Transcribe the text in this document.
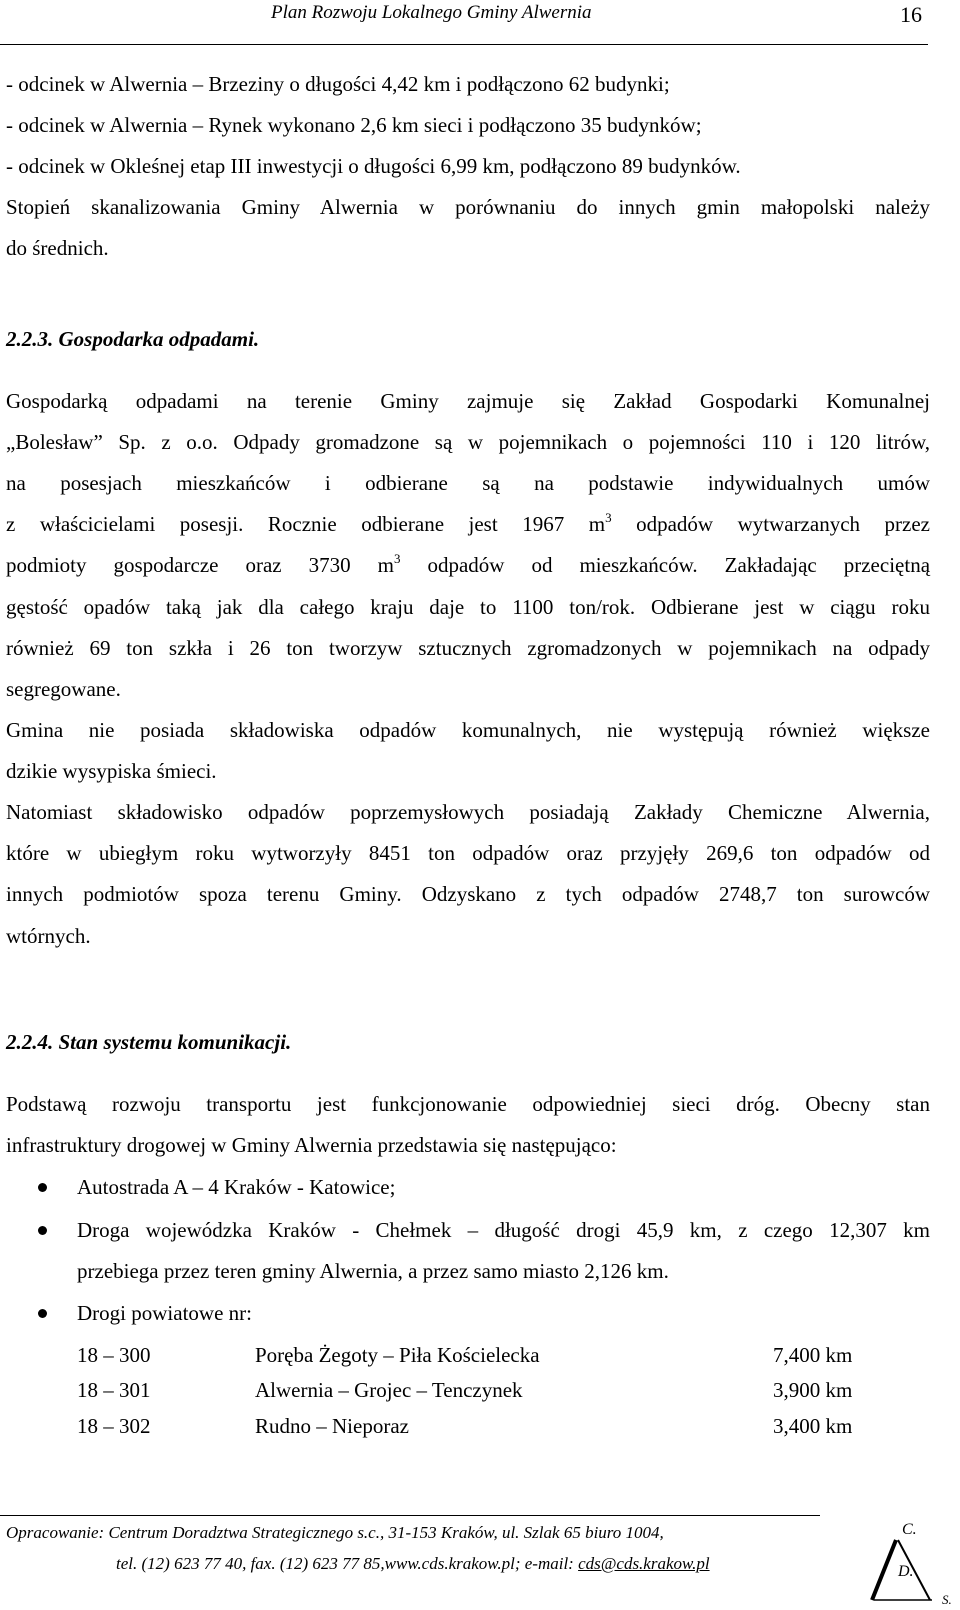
Plan Rozwoju Lokalnego Gminy Alwernia	16
- odcinek w Alwernia – Brzeziny o długości 4,42 km i podłączono 62 budynki;
- odcinek w Alwernia – Rynek wykonano 2,6 km sieci i podłączono 35 budynków;
- odcinek w Okleśnej etap III inwestycji o długości 6,99 km, podłączono 89 budynków.
Stopień skanalizowania Gminy Alwernia w porównaniu do innych gmin małopolski należy
do średnich.
2.2.3. Gospodarka odpadami.
Gospodarką odpadami na terenie Gminy zajmuje się Zakład Gospodarki Komunalnej
„Bolesław” Sp. z o.o. Odpady gromadzone są w pojemnikach o pojemności 110 i 120 litrów,
na posesjach mieszkańców i odbierane są na podstawie indywidualnych umów
z właścicielami posesji. Rocznie odbierane jest 1967 $m^3$ odpadów wytwarzanych przez
podmioty gospodarcze oraz 3730 $m^3$ odpadów od mieszkańców. Zakładając przeciętną
gęstość opadów taką jak dla całego kraju daje to 1100 ton/rok. Odbierane jest w ciągu roku
również 69 ton szkła i 26 ton tworzyw sztucznych zgromadzonych w pojemnikach na odpady
segregowane.
Gmina nie posiada składowiska odpadów komunalnych, nie występują również większe
dzikie wysypiska śmieci.
Natomiast składowisko odpadów poprzemysłowych posiadają Zakłady Chemiczne Alwernia,
które w ubiegłym roku wytworzyły 8451 ton odpadów oraz przyjęły 269,6 ton odpadów od
innych podmiotów spoza terenu Gminy. Odzyskano z tych odpadów 2748,7 ton surowców
wtórnych.
2.2.4. Stan systemu komunikacji.
Podstawą rozwoju transportu jest funkcjonowanie odpowiedniej sieci dróg. Obecny stan
infrastruktury drogowej w Gminy Alwernia przedstawia się następująco:
Autostrada A – 4 Kraków - Katowice;
Droga wojewódzka Kraków - Chełmek – długość drogi 45,9 km, z czego 12,307 km
przebiega przez teren gminy Alwernia, a przez samo miasto 2,126 km.
Drogi powiatowe nr:
18 – 300	Poręba Żegoty – Piła Kościelecka	7,400 km
18 – 301	Alwernia – Grojec – Tenczynek	3,900 km
18 – 302	Rudno – Nieporaz	3,400 km
Opracowanie: Centrum Doradztwa Strategicznego s.c., 31-153 Kraków, ul. Szlak 65 biuro 1004,
tel. (12) 623 77 40, fax. (12) 623 77 85,www.cds.krakow.pl; e-mail: cds@cds.krakow.pl
C.
D.
S.
